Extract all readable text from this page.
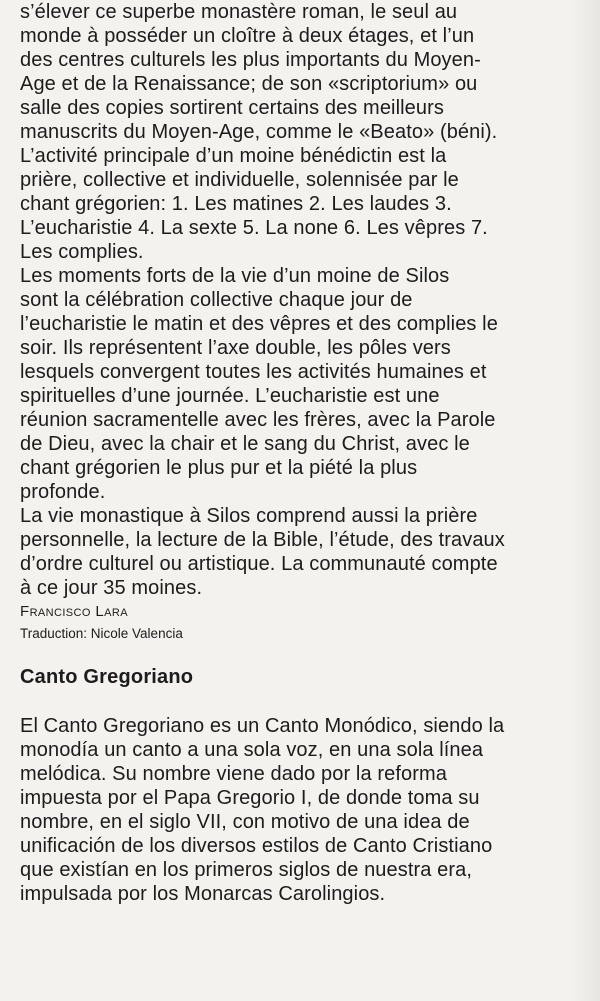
s’élever ce superbe monastère roman, le seul au
monde à posséder un cloître à deux étages, et l’un
des centres culturels les plus importants du Moyen-
Age et de la Renaissance; de son «scriptorium» ou
salle des copies sortirent certains des meilleurs
manuscrits du Moyen-Age, comme le «Beato» (béni).

L’activité principale d’un moine bénédictin est la
prière, collective et individuelle, solennisée par le
chant grégorien: 1. Les matines 2. Les laudes 3.
L’eucharistie 4. La sexte 5. La none 6. Les vêpres 7.
Les complies.

Les moments forts de la vie d’un moine de Silos
sont la célébration collective chaque jour de
l’eucharistie le matin et des vêpres et des complies le
soir. Ils représentent l’axe double, les pôles vers
lesquels convergent toutes les activités humaines et
spirituelles d’une journée. L’eucharistie est une
réunion sacramentelle avec les frères, avec la Parole
de Dieu, avec la chair et le sang du Christ, avec le
chant grégorien le plus pur et la piété la plus
profonde.

La vie monastique à Silos comprend aussi la prière
personnelle, la lecture de la Bible, l’étude, des travaux
d’ordre culturel ou artistique. La communauté compte
à ce jour 35 moines.

Francisco Lara
Traduction: Nicole Valencia
Canto Gregoriano

El Canto Gregoriano es un Canto Monódico, siendo la
monodía un canto a una sola voz, en una sola línea
melódica. Su nombre viene dado por la reforma
impuesta por el Papa Gregorio I, de donde toma su
nombre, en el siglo VII, con motivo de una idea de
unificación de los diversos estilos de Canto Cristiano
que existían en los primeros siglos de nuestra era,
impulsada por los Monarcas Carolingios.
